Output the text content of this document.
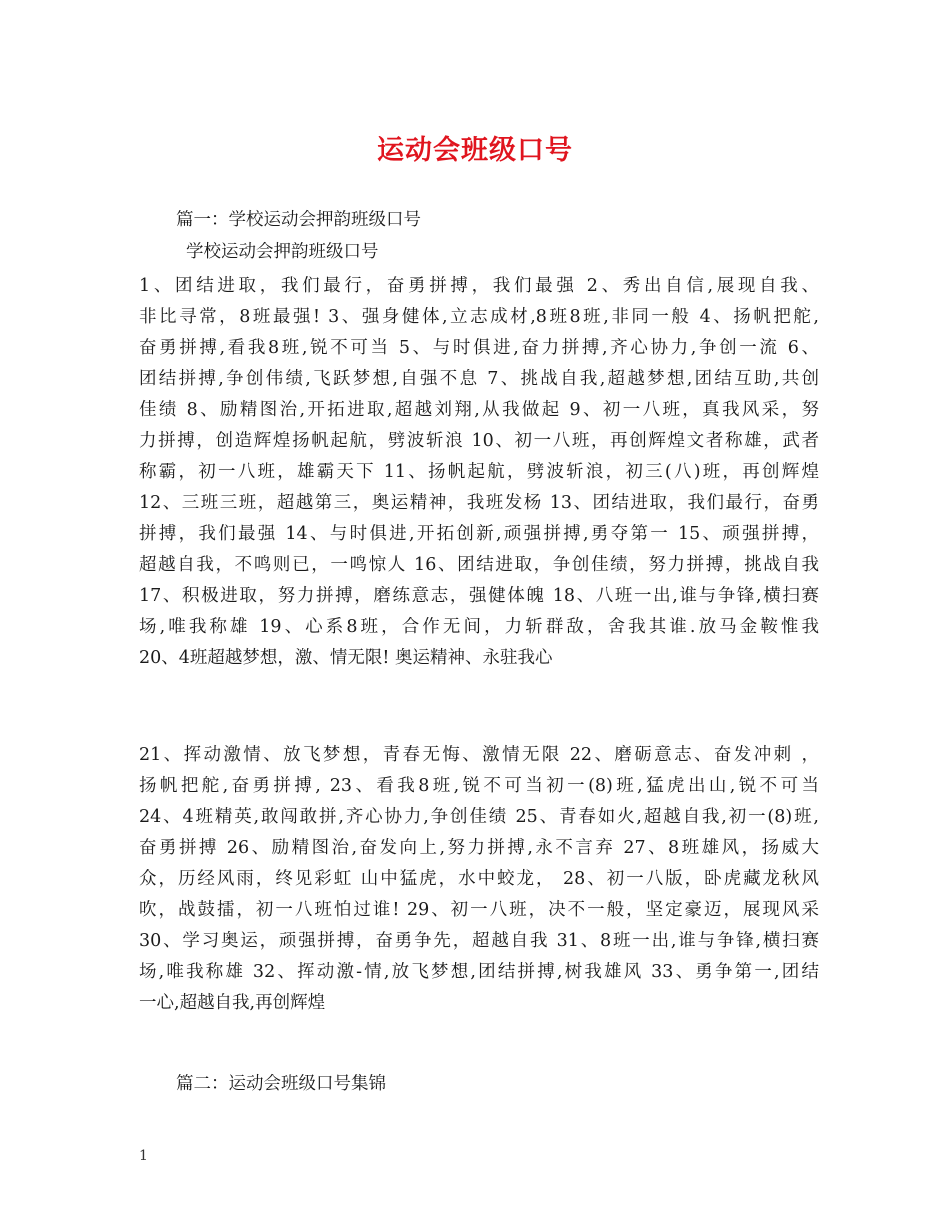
运动会班级口号

篇一：学校运动会押韵班级口号

学校运动会押韵班级口号

1、团结进取，我们最行，奋勇拼搏，我们最强 2、秀出自信,展现自我、
非比寻常，8班最强! 3、强身健体,立志成材,8班8班,非同一般 4、扬帆把舵,
奋勇拼搏,看我8班,锐不可当 5、与时俱进,奋力拼搏,齐心协力,争创一流 6、
团结拼搏,争创伟绩,飞跃梦想,自强不息 7、挑战自我,超越梦想,团结互助,共创
佳绩 8、励精图治,开拓进取,超越刘翔,从我做起 9、初一八班，真我风采，努
力拼搏，创造辉煌扬帆起航，劈波斩浪 10、初一八班，再创辉煌文者称雄，武者
称霸，初一八班，雄霸天下 11、扬帆起航，劈波斩浪，初三(八)班，再创辉煌
12、三班三班，超越第三，奥运精神，我班发杨 13、团结进取，我们最行，奋勇
拼搏，我们最强 14、与时俱进,开拓创新,顽强拼搏,勇夺第一 15、顽强拼搏，
超越自我，不鸣则已，一鸣惊人 16、团结进取，争创佳绩，努力拼搏，挑战自我
17、积极进取，努力拼搏，磨练意志，强健体魄 18、八班一出,谁与争锋,横扫赛
场,唯我称雄 19、心系8班，合作无间，力斩群敌，舍我其谁.放马金鞍惟我
20、4班超越梦想，激、情无限! 奥运精神、永驻我心
21、挥动激情、放飞梦想，青春无悔、激情无限 22、磨砺意志、奋发冲刺 ，
扬帆把舵,奋勇拼搏, 23、看我8班,锐不可当初一(8)班,猛虎出山,锐不可当
24、4班精英,敢闯敢拼,齐心协力,争创佳绩 25、青春如火,超越自我,初一(8)班,
奋勇拼搏 26、励精图治,奋发向上,努力拼搏,永不言弃 27、8班雄风，扬威大
众，历经风雨，终见彩虹 山中猛虎，水中蛟龙， 28、初一八版，卧虎藏龙秋风
吹，战鼓擂，初一八班怕过谁! 29、初一八班，决不一般，坚定豪迈，展现风采
30、学习奥运，顽强拼搏，奋勇争先，超越自我 31、8班一出,谁与争锋,横扫赛
场,唯我称雄 32、挥动激-情,放飞梦想,团结拼搏,树我雄风 33、勇争第一,团结
一心,超越自我,再创辉煌

篇二：运动会班级口号集锦

1
